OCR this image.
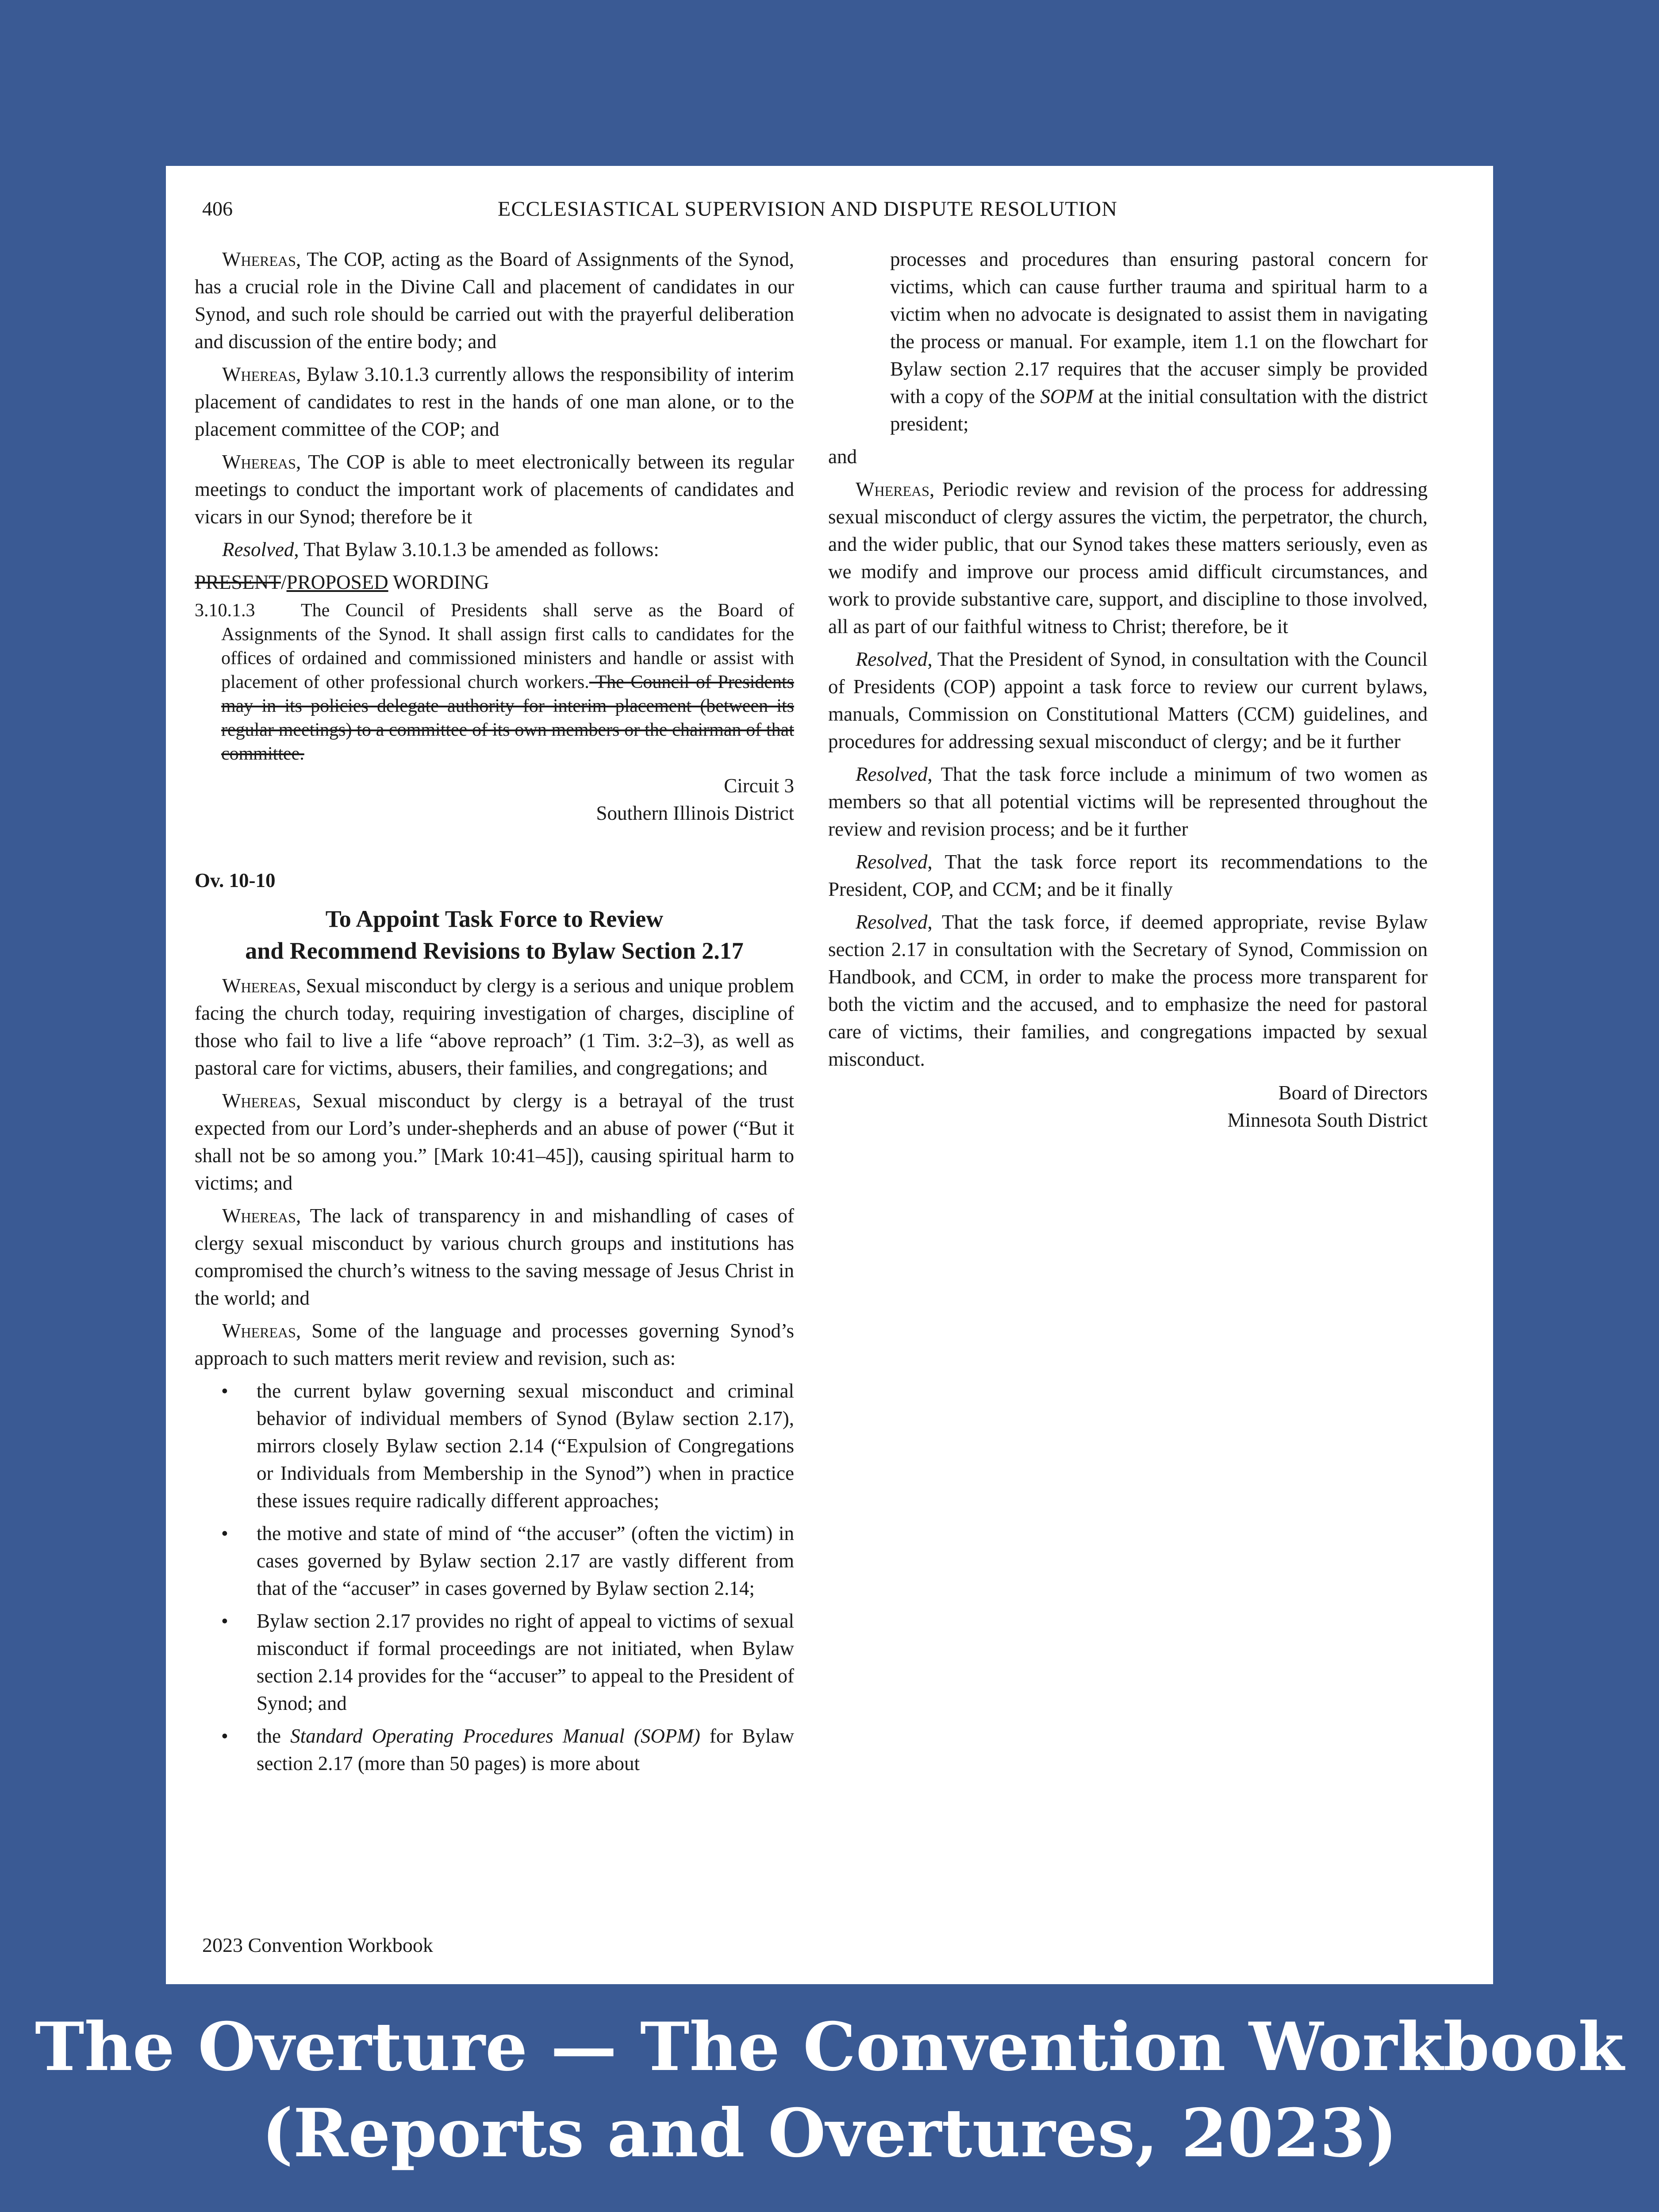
406	ECCLESIASTICAL SUPERVISION AND DISPUTE RESOLUTION

Whereas, The COP, acting as the Board of Assignments of the Synod, has a crucial role in the Divine Call and placement of candidates in our Synod, and such role should be carried out with the prayerful deliberation and discussion of the entire body; and

Whereas, Bylaw 3.10.1.3 currently allows the responsibility of interim placement of candidates to rest in the hands of one man alone, or to the placement committee of the COP; and

Whereas, The COP is able to meet electronically between its regular meetings to conduct the important work of placements of candidates and vicars in our Synod; therefore be it

Resolved, That Bylaw 3.10.1.3 be amended as follows:

PRESENT/PROPOSED WORDING

3.10.1.3 The Council of Presidents shall serve as the Board of Assignments of the Synod. It shall assign first calls to candidates for the offices of ordained and commissioned ministers and handle or assist with placement of other professional church workers. The Council of Presidents may in its policies delegate authority for interim placement (between its regular meetings) to a committee of its own members or the chairman of that committee.

Circuit 3

Southern Illinois District

Ov. 10-10

To Appoint Task Force to Review
and Recommend Revisions to Bylaw Section 2.17

Whereas, Sexual misconduct by clergy is a serious and unique problem facing the church today, requiring investigation of charges, discipline of those who fail to live a life “above reproach” (1 Tim. 3:2–3), as well as pastoral care for victims, abusers, their families, and congregations; and

Whereas, Sexual misconduct by clergy is a betrayal of the trust expected from our Lord’s under-shepherds and an abuse of power (“But it shall not be so among you.” [Mark 10:41–45]), causing spiritual harm to victims; and

Whereas, The lack of transparency in and mishandling of cases of clergy sexual misconduct by various church groups and institutions has compromised the church’s witness to the saving message of Jesus Christ in the world; and

Whereas, Some of the language and processes governing Synod’s approach to such matters merit review and revision, such as:

• the current bylaw governing sexual misconduct and criminal behavior of individual members of Synod (Bylaw section 2.17), mirrors closely Bylaw section 2.14 (“Expulsion of Congregations or Individuals from Membership in the Synod”) when in practice these issues require radically different approaches;
• the motive and state of mind of “the accuser” (often the victim) in cases governed by Bylaw section 2.17 are vastly different from that of the “accuser” in cases governed by Bylaw section 2.14;
• Bylaw section 2.17 provides no right of appeal to victims of sexual misconduct if formal proceedings are not initiated, when Bylaw section 2.14 provides for the “accuser” to appeal to the President of Synod; and
• the Standard Operating Procedures Manual (SOPM) for Bylaw section 2.17 (more than 50 pages) is more about

processes and procedures than ensuring pastoral concern for victims, which can cause further trauma and spiritual harm to a victim when no advocate is designated to assist them in navigating the process or manual. For example, item 1.1 on the flowchart for Bylaw section 2.17 requires that the accuser simply be provided with a copy of the SOPM at the initial consultation with the district president;

and

Whereas, Periodic review and revision of the process for addressing sexual misconduct of clergy assures the victim, the perpetrator, the church, and the wider public, that our Synod takes these matters seriously, even as we modify and improve our process amid difficult circumstances, and work to provide substantive care, support, and discipline to those involved, all as part of our faithful witness to Christ; therefore, be it

Resolved, That the President of Synod, in consultation with the Council of Presidents (COP) appoint a task force to review our current bylaws, manuals, Commission on Constitutional Matters (CCM) guidelines, and procedures for addressing sexual misconduct of clergy; and be it further

Resolved, That the task force include a minimum of two women as members so that all potential victims will be represented throughout the review and revision process; and be it further

Resolved, That the task force report its recommendations to the President, COP, and CCM; and be it finally

Resolved, That the task force, if deemed appropriate, revise Bylaw section 2.17 in consultation with the Secretary of Synod, Commission on Handbook, and CCM, in order to make the process more transparent for both the victim and the accused, and to emphasize the need for pastoral care of victims, their families, and congregations impacted by sexual misconduct.

Board of Directors

Minnesota South District

2023 Convention Workbook
The Overture — The Convention Workbook
(Reports and Overtures, 2023)
